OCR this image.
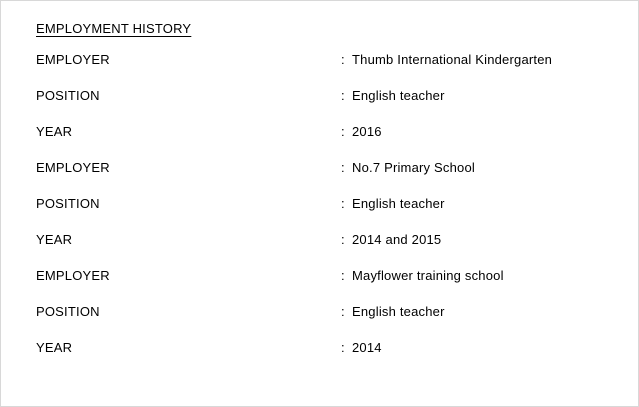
EMPLOYMENT HISTORY
EMPLOYER	: Thumb International Kindergarten
POSITION	: English teacher
YEAR	: 2016
EMPLOYER	: No.7 Primary School
POSITION	: English teacher
YEAR	: 2014 and 2015
EMPLOYER	: Mayflower training school
POSITION	: English teacher
YEAR	: 2014
